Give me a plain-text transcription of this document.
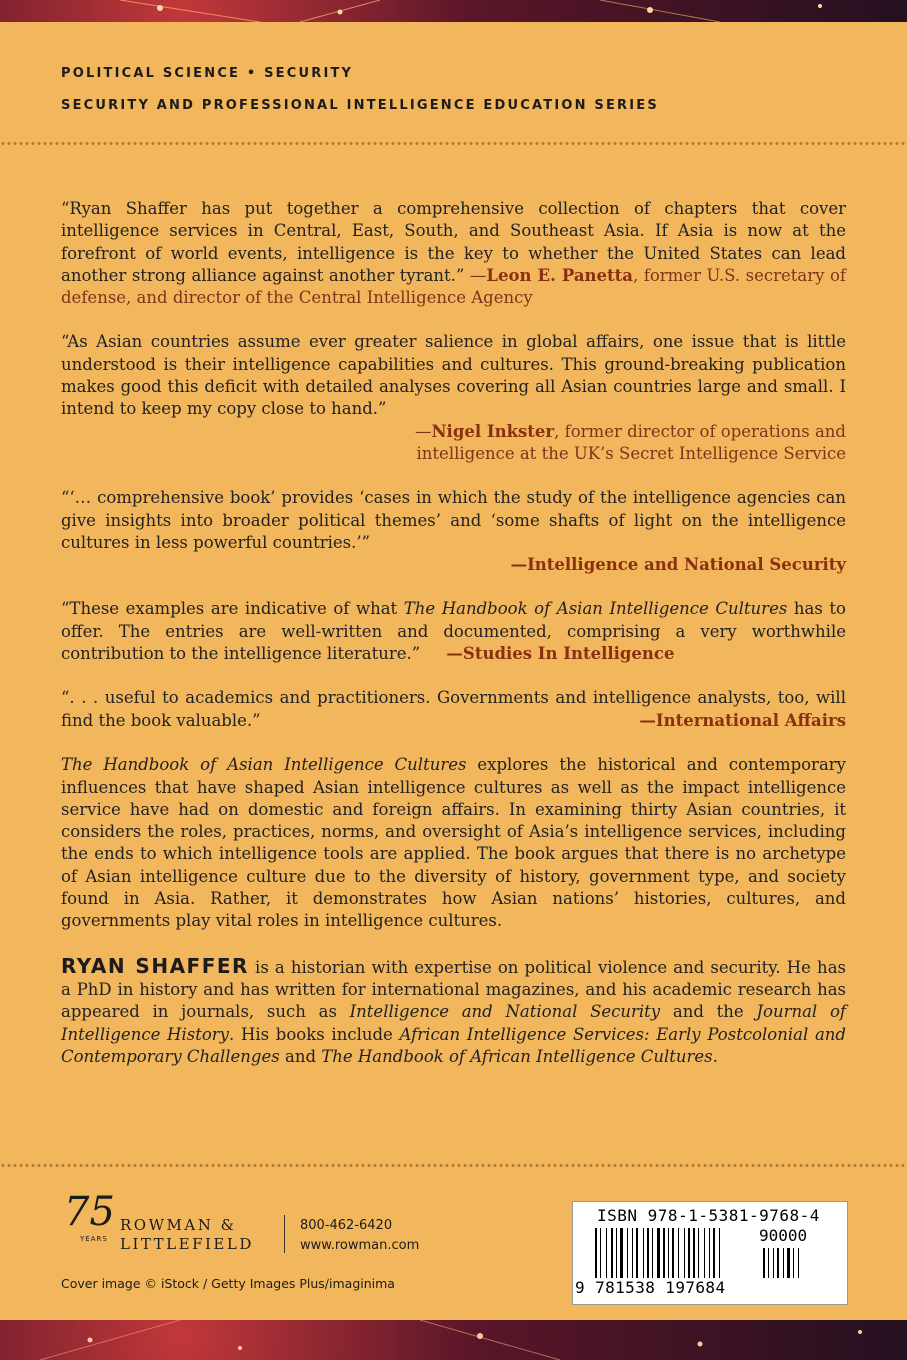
POLITICAL SCIENCE • SECURITY
SECURITY AND PROFESSIONAL INTELLIGENCE EDUCATION SERIES
“Ryan Shaffer has put together a comprehensive collection of chapters that cover intelligence services in Central, East, South, and Southeast Asia. If Asia is now at the forefront of world events, intelligence is the key to whether the United States can lead another strong alliance against another tyrant.” —Leon E. Panetta, former U.S. secretary of defense, and director of the Central Intelligence Agency
“As Asian countries assume ever greater salience in global affairs, one issue that is little understood is their intelligence capabilities and cultures. This ground-breaking publication makes good this deficit with detailed analyses covering all Asian countries large and small. I intend to keep my copy close to hand.”
—Nigel Inkster, former director of operations and intelligence at the UK’s Secret Intelligence Service
“‘… comprehensive book’ provides ‘cases in which the study of the intelligence agencies can give insights into broader political themes’ and ‘some shafts of light on the intelligence cultures in less powerful countries.’”
—Intelligence and National Security
“These examples are indicative of what The Handbook of Asian Intelligence Cultures has to offer. The entries are well-written and documented, comprising a very worthwhile contribution to the intelligence literature.” —Studies In Intelligence
“. . . useful to academics and practitioners. Governments and intelligence analysts, too, will find the book valuable.”	—International Affairs
The Handbook of Asian Intelligence Cultures explores the historical and contemporary influences that have shaped Asian intelligence cultures as well as the impact intelligence service have had on domestic and foreign affairs. In examining thirty Asian countries, it considers the roles, practices, norms, and oversight of Asia’s intelligence services, including the ends to which intelligence tools are applied. The book argues that there is no archetype of Asian intelligence culture due to the diversity of history, government type, and society found in Asia. Rather, it demonstrates how Asian nations’ histories, cultures, and governments play vital roles in intelligence cultures.
RYAN SHAFFER is a historian with expertise on political violence and security. He has a PhD in history and has written for international magazines, and his academic research has appeared in journals, such as Intelligence and National Security and the Journal of Intelligence History. His books include African Intelligence Services: Early Postcolonial and Contemporary Challenges and The Handbook of African Intelligence Cultures.
75
YEARS
ROWMAN &
LITTLEFIELD
800-462-6420
www.rowman.com
Cover image © iStock / Getty Images Plus/imaginima
ISBN 978-1-5381-9768-4
90000
9 781538 197684
